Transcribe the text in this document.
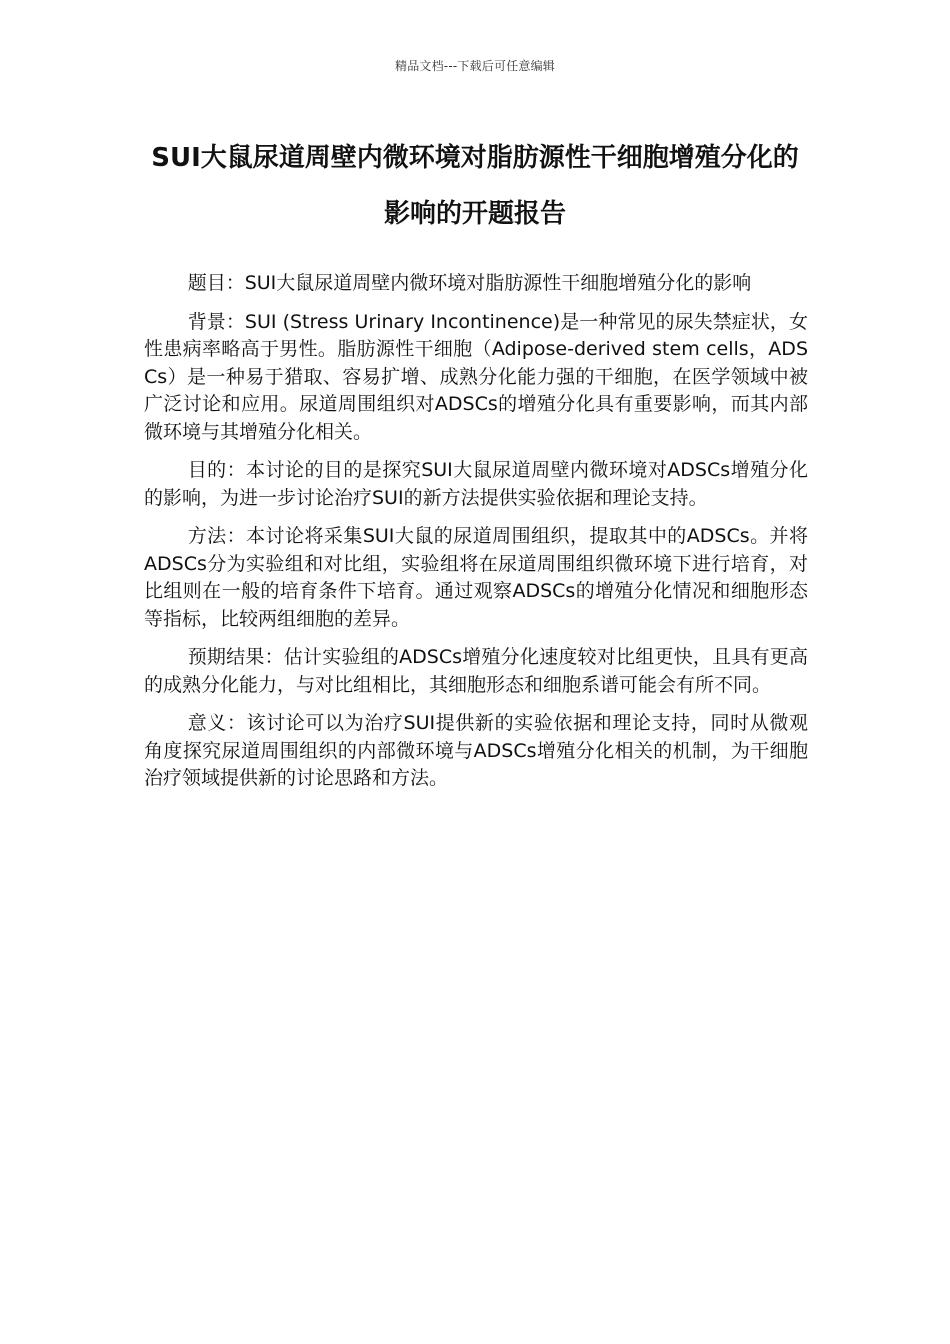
精品文档---下载后可任意编辑
SUI大鼠尿道周壁内微环境对脂肪源性干细胞增殖分化的影响的开题报告

题目：SUI大鼠尿道周壁内微环境对脂肪源性干细胞增殖分化的影响

背景：SUI (Stress Urinary Incontinence)是一种常见的尿失禁症状，女性患病率略高于男性。脂肪源性干细胞（Adipose-derived stem cells，ADSCs）是一种易于猎取、容易扩增、成熟分化能力强的干细胞，在医学领域中被广泛讨论和应用。尿道周围组织对ADSCs的增殖分化具有重要影响，而其内部微环境与其增殖分化相关。

目的：本讨论的目的是探究SUI大鼠尿道周壁内微环境对ADSCs增殖分化的影响，为进一步讨论治疗SUI的新方法提供实验依据和理论支持。

方法：本讨论将采集SUI大鼠的尿道周围组织，提取其中的ADSCs。并将ADSCs分为实验组和对比组，实验组将在尿道周围组织微环境下进行培育，对比组则在一般的培育条件下培育。通过观察ADSCs的增殖分化情况和细胞形态等指标，比较两组细胞的差异。

预期结果：估计实验组的ADSCs增殖分化速度较对比组更快，且具有更高的成熟分化能力，与对比组相比，其细胞形态和细胞系谱可能会有所不同。

意义：该讨论可以为治疗SUI提供新的实验依据和理论支持，同时从微观角度探究尿道周围组织的内部微环境与ADSCs增殖分化相关的机制，为干细胞治疗领域提供新的讨论思路和方法。
